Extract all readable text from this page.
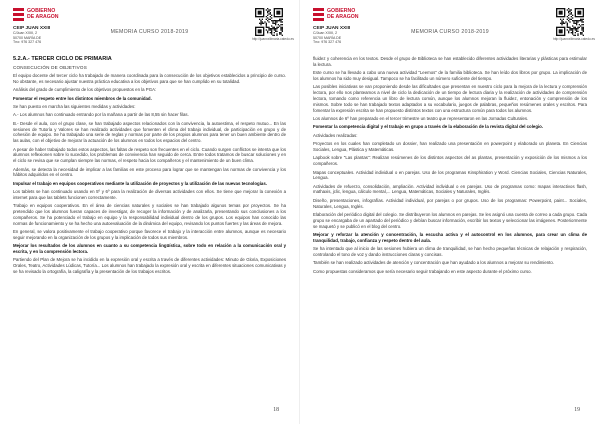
GOBIERNO
DE ARAGON
CEIP JUAN XXIII
C/Juan XXIII, 2
50700 MARÍA DE
Tno: 976 327 476
MEMORIA CURSO 2018-2019
http://juanxxiiimaria.catedu.es
5.2.A.- TERCER CICLO DE PRIMARIA
CONSECUCIÓN DE OBJETIVOS
El equipo docente del tercer ciclo ha trabajado de manera coordinada para la consecución de los objetivos establecidos a principio de curso. No obstante, es necesario ajustar nuestra práctica educativa a los objetivos para que se han cumplido en su totalidad.
Análisis del grado de cumplimiento de los objetivos propuestos en la PGA:
Fomentar el respeto entre los distintos miembros de la comunidad.
Se han puesto en marcha las siguientes medidas y actividades:
A.- Los alumnos han continuado entrando por la mañana a partir de las 8,55 sin hacer filas.
B.- Desde el aula, con el grupo clase, se han trabajado aspectos relacionados con la convivencia, la autoestima, el respeto mutuo... En las sesiones de Tutoría y Valores se han realizado actividades que fomenten el clima del trabajo individual, de participación en grupo y de cohesión de equipo. Se ha trabajado una serie de reglas y normas por parte de los propios alumnos para tener un buen ambiente dentro de las aulas, con el objetivo de mejorar la actuación de los alumnos en todos los espacios del centro.
A pesar de haber trabajado todos estos aspectos, las faltas de respeto son frecuentes en el ciclo. Cuando surgen conflictos se intenta que los alumnos reflexionen sobre lo sucedido, los problemas de convivencia han seguido de cerca. Entre todos tratamos de buscar soluciones y en el ciclo se revisa que se cumplan siempre las normas, el respeto hacia los compañeros y el mantenimiento de un buen clima.
Además, se detecta la necesidad de implicar a las familias en este proceso para lograr que se mantengan las normas de convivencia y los hábitos adquiridos en el centro.
Impulsar el trabajo en equipos cooperativos mediante la utilización de proyectos y la utilización de las nuevas tecnologías.
Los tablets se han continuado usando en 5º y 6º para la realización de diversas actividades con ellos. Se tiene que mejorar la conexión a internet para que las tablets funcionen correctamente.
Trabajo en equipos cooperativos. En el área de ciencias naturales y sociales se han trabajado algunos temas por proyectos. Se ha pretendido que los alumnos fueran capaces de investigar, de recoger la información y de analizarla, presentando sus conclusiones a los compañeros. Se ha potenciado el trabajo en equipo y la responsabilidad individual dentro de los grupos. Los equipos han conocido las normas de funcionamiento y se ha hecho una autoevaluación de la dinámica del equipo, revisando los puntos fuertes y las áreas de mejora.
En general, se valora positivamente el trabajo cooperativo porque favorece el trabajo y la interacción entre alumnos, aunque es necesario seguir mejorando en la organización de los grupos y la implicación de todos sus miembros.
Mejorar los resultados de los alumnos en cuanto a su competencia lingüística, sobre todo en relación a la comunicación oral y escrita, y en la comprensión lectora.
Partiendo del Plan de Mejora se ha incidido en la expresión oral y escrita a través de diferentes actividades: Minuto de Gloria, Exposiciones Orales, Teatro, Actividades Lúdicas, Tutoría... Los alumnos han trabajado la expresión oral y escrita en diferentes situaciones comunicativas y se ha revisado la ortografía, la caligrafía y la presentación de los trabajos escritos.
18
GOBIERNO
DE ARAGON
CEIP JUAN XXIII
C/Juan XXIII, 2
50700 MARÍA DE
Tno: 976 327 476
MEMORIA CURSO 2018-2019
http://juanxxiiimaria.catedu.es
fluidez y coherencia en los textos. Desde el grupo de Biblioteca se han establecido diferentes actividades literarias y plásticas para estimular la lectura.
Este curso se ha llevado a cabo una nueva actividad "Leemos" de la familia biblioteca. Se han leído dos libros por grupo. La implicación de los alumnos ha sido muy desigual. Tampoco se ha facilitado un número suficiente del tiempo.
Las posibles iniciativas se van proponiendo desde las dificultades que presentan en nuestro ciclo para la mejora de la lectura y comprensión lectora, por ello nos planteamos a nivel de ciclo la dedicación de un tiempo de lectura diaria y la realización de actividades de comprensión lectora, tomando como referencia un libro de lectura común, aunque los alumnos mejoran la fluidez, entonación y comprensión de los mismos. Sobre todo se han trabajado textos adaptados a su vocabulario, juegos de palabras, pequeños resúmenes orales y escritos. Para fomentar la expresión escrita se han propuesto distintos textos con una estructura común para todos los alumnos.
Los alumnos de 6º han preparado en el tercer trimestre un teatro que representaron en las Jornadas Culturales.
Fomentar la competencia digital y el trabajo en grupo a través de la elaboración de la revista digital del colegio.
Actividades realizadas:
Proyectos en los cuales han completado un dossier, han realizado una presentación en powerpoint y elaborado un planeta. En Ciencias Sociales, Lengua, Plástica y Matemáticas.
Lapbook sobre "Las plantas": Realizan resúmenes de los distintos aspectos del as plantas, presentación y exposición de los mismos a los compañeros.
Mapas conceptuales. Actividad individual o en parejas. Uso de los programas Kinsphiration y Word. Ciencias Sociales, Ciencias Naturales, Lengua.
Actividades de refuerzo, consolidación, ampliación. Actividad individual o en parejas. Uso de programas como: mapas interactivos flash, mathaxis, jclic, lengua, cálculo mental,... Lengua, Matemáticas, Sociales y Naturales, Inglés.
Diseño, presentaciones, infografías. Actividad individual, por parejas o por grupos. Uso de los programas: Powerpoint, paint... Sociales, Naturales, Lengua, Inglés.
Elaboración del periódico digital del colegio. Se distribuyeron los alumnos en parejas. Se les asignó una cuenta de correo a cada grupo. Cada grupo se encargaba de un apartado del periódico y debían buscar información, escribir los textos y seleccionar las imágenes. Posteriormente se maquetó y se publicó en el blog del centro.
Mejorar y reforzar la atención y concentración, la escucha activa y el autocontrol en los alumnos, para crear un clima de tranquilidad, trabajo, confianza y respeto dentro del aula.
Se ha intentado que al inicio de las sesiones hubiera un clima de tranquilidad, se han hecho pequeñas técnicas de relajación y respiración, controlando el tono de voz y dando instrucciones claras y concisas.
También se han realizado actividades de atención y concentración que han ayudado a los alumnos a mejorar su rendimiento.
Como propuestas consideramos que sería necesario seguir trabajando en este aspecto durante el próximo curso.
19
